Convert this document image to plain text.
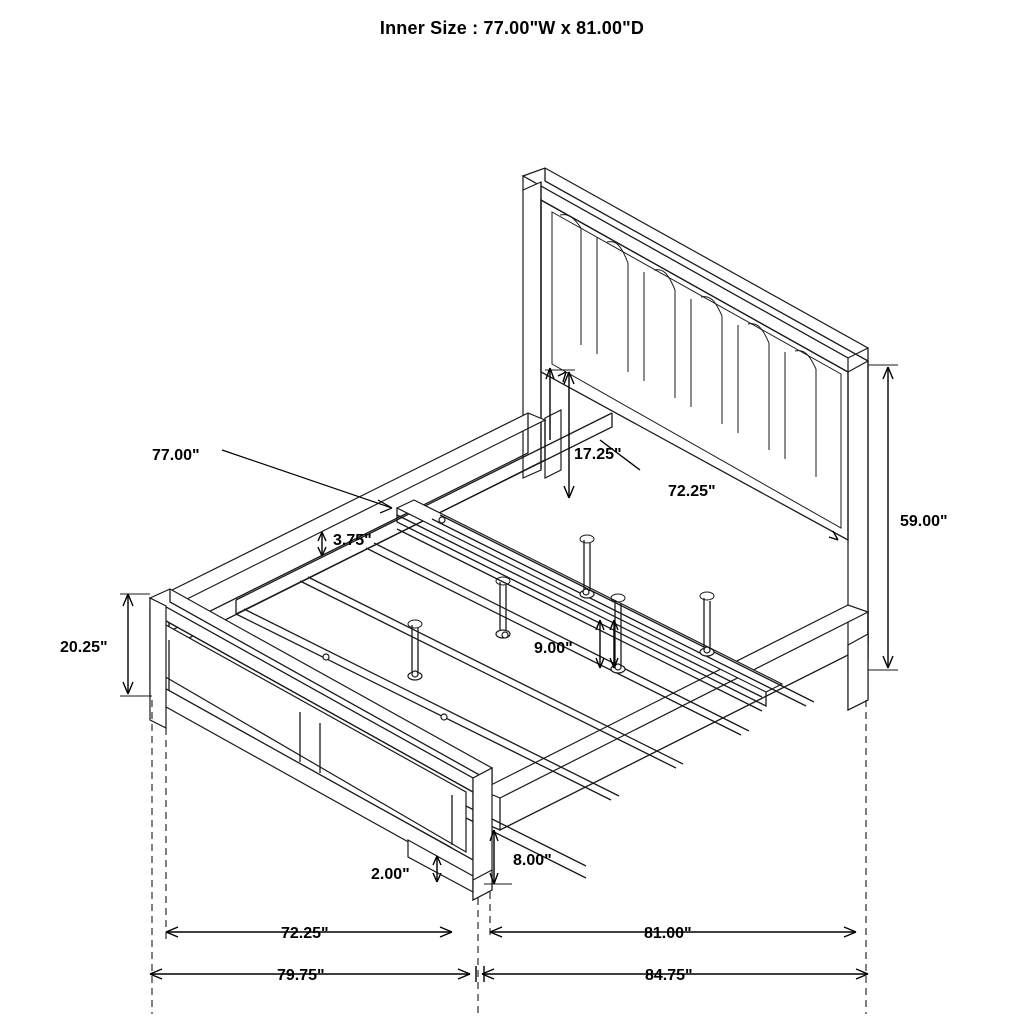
Inner Size : 77.00"W x 81.00"D
77.00"	17.25"
72.25"
59.00"
3.75"
20.25"	9.00"
8.00"
2.00"
72.25"	81.00"
79.75"	84.75"
